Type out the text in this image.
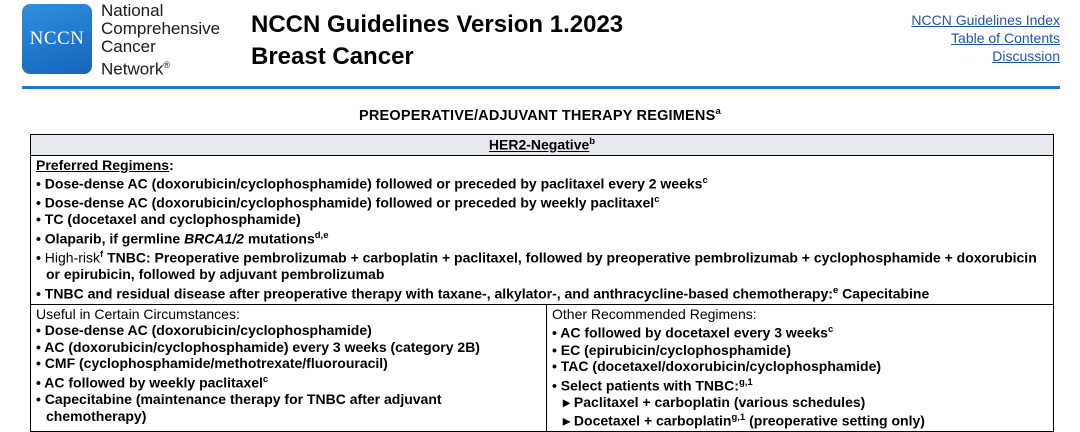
NCCN
National
Comprehensive
Cancer
Network®
NCCN Guidelines Version 1.2023
Breast Cancer
NCCN Guidelines Index
Table of Contents
Discussion
PREOPERATIVE/ADJUVANT THERAPY REGIMENS$^a$
HER2-Negative$^b$

Preferred Regimens:
• Dose-dense AC (doxorubicin/cyclophosphamide) followed or preceded by paclitaxel every 2 weeks$^c$
• Dose-dense AC (doxorubicin/cyclophosphamide) followed or preceded by weekly paclitaxel$^c$
• TC (docetaxel and cyclophosphamide)
• Olaparib, if germline BRCA1/2 mutations$^{d,e}$
• High-risk$^f$ TNBC: Preoperative pembrolizumab + carboplatin + paclitaxel, followed by preoperative pembrolizumab + cyclophosphamide + doxorubicin or epirubicin, followed by adjuvant pembrolizumab
• TNBC and residual disease after preoperative therapy with taxane-, alkylator-, and anthracycline-based chemotherapy:$^e$ Capecitabine

Useful in Certain Circumstances:
• Dose-dense AC (doxorubicin/cyclophosphamide)
• AC (doxorubicin/cyclophosphamide) every 3 weeks (category 2B)
• CMF (cyclophosphamide/methotrexate/fluorouracil)
• AC followed by weekly paclitaxel$^c$
• Capecitabine (maintenance therapy for TNBC after adjuvant chemotherapy)

Other Recommended Regimens:
• AC followed by docetaxel every 3 weeks$^c$
• EC (epirubicin/cyclophosphamide)
• TAC (docetaxel/doxorubicin/cyclophosphamide)
• Select patients with TNBC:$^{g,1}$
▸ Paclitaxel + carboplatin (various schedules)
▸ Docetaxel + carboplatin$^{g,1}$ (preoperative setting only)
